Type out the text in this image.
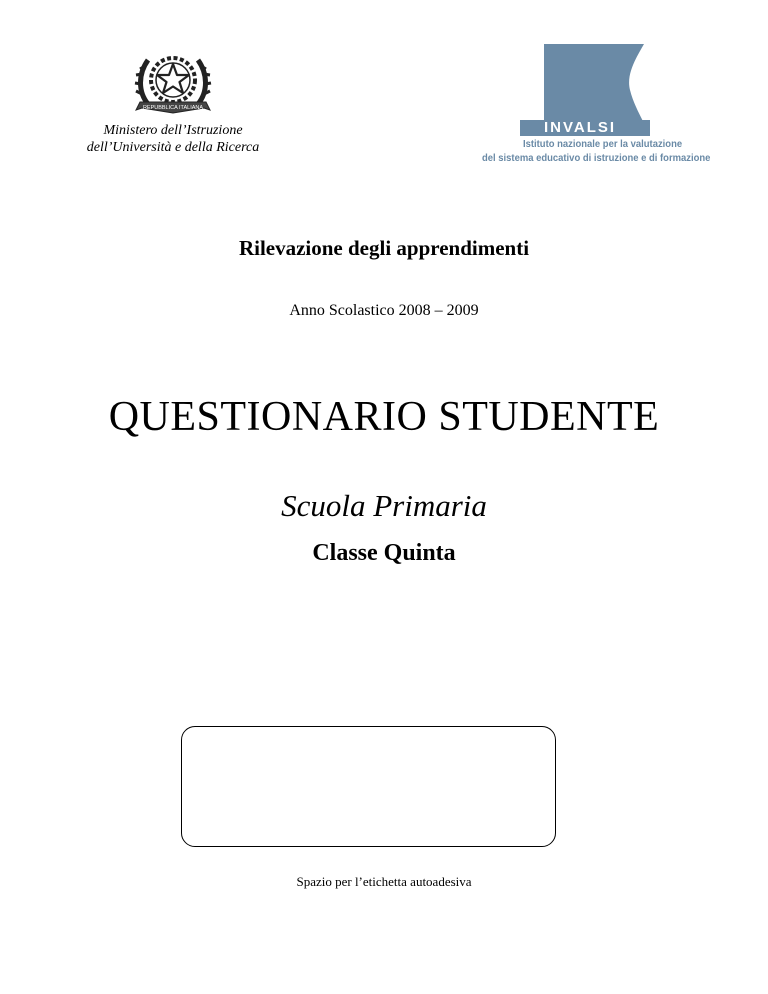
REPUBBLICA ITALIANA
Ministero dell’Istruzione
dell’Università e della Ricerca
INVALSI
Istituto nazionale per la valutazione
del sistema educativo di istruzione e di formazione
Rilevazione degli apprendimenti
Anno Scolastico 2008 – 2009
QUESTIONARIO STUDENTE
Scuola Primaria
Classe Quinta
Spazio per l’etichetta autoadesiva
